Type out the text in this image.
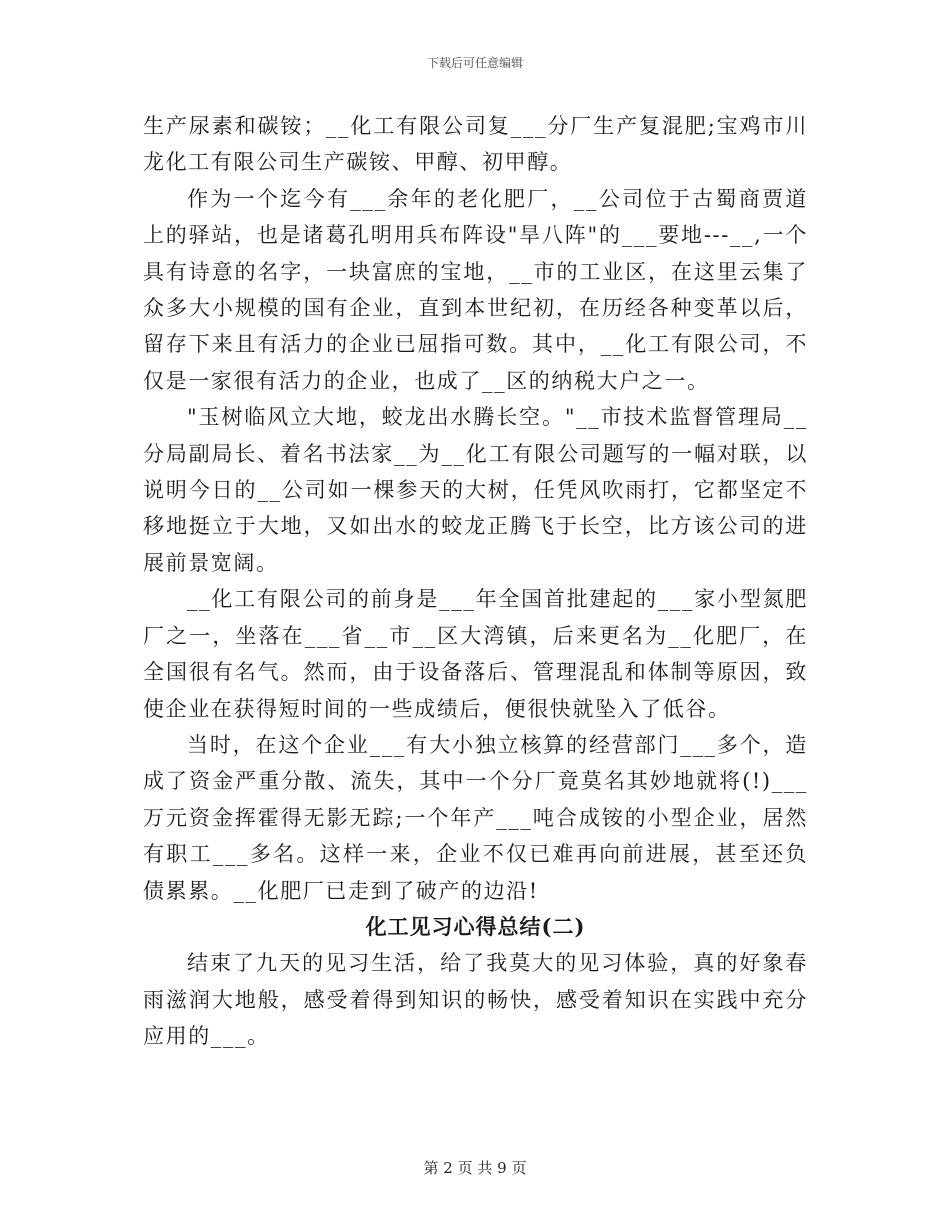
下载后可任意编辑

生产尿素和碳铵；__化工有限公司复___分厂生产复混肥;宝鸡市川龙化工有限公司生产碳铵、甲醇、初甲醇。

作为一个迄今有___余年的老化肥厂，__公司位于古蜀商贾道上的驿站，也是诸葛孔明用兵布阵设"旱八阵"的___要地---__,一个具有诗意的名字，一块富庶的宝地，__市的工业区，在这里云集了众多大小规模的国有企业，直到本世纪初，在历经各种变革以后，留存下来且有活力的企业已屈指可数。其中，__化工有限公司，不仅是一家很有活力的企业，也成了__区的纳税大户之一。

"玉树临风立大地，蛟龙出水腾长空。"__市技术监督管理局__分局副局长、着名书法家__为__化工有限公司题写的一幅对联，以说明今日的__公司如一棵参天的大树，任凭风吹雨打，它都坚定不移地挺立于大地，又如出水的蛟龙正腾飞于长空，比方该公司的进展前景宽阔。

__化工有限公司的前身是___年全国首批建起的___家小型氮肥厂之一，坐落在___省__市__区大湾镇，后来更名为__化肥厂，在全国很有名气。然而，由于设备落后、管理混乱和体制等原因，致使企业在获得短时间的一些成绩后，便很快就坠入了低谷。

当时，在这个企业___有大小独立核算的经营部门___多个，造成了资金严重分散、流失，其中一个分厂竟莫名其妙地就将(!)___万元资金挥霍得无影无踪;一个年产___吨合成铵的小型企业，居然有职工___多名。这样一来，企业不仅已难再向前进展，甚至还负债累累。__化肥厂已走到了破产的边沿!

化工见习心得总结(二)

结束了九天的见习生活，给了我莫大的见习体验，真的好象春雨滋润大地般，感受着得到知识的畅快，感受着知识在实践中充分应用的___。

第 2 页 共 9 页
